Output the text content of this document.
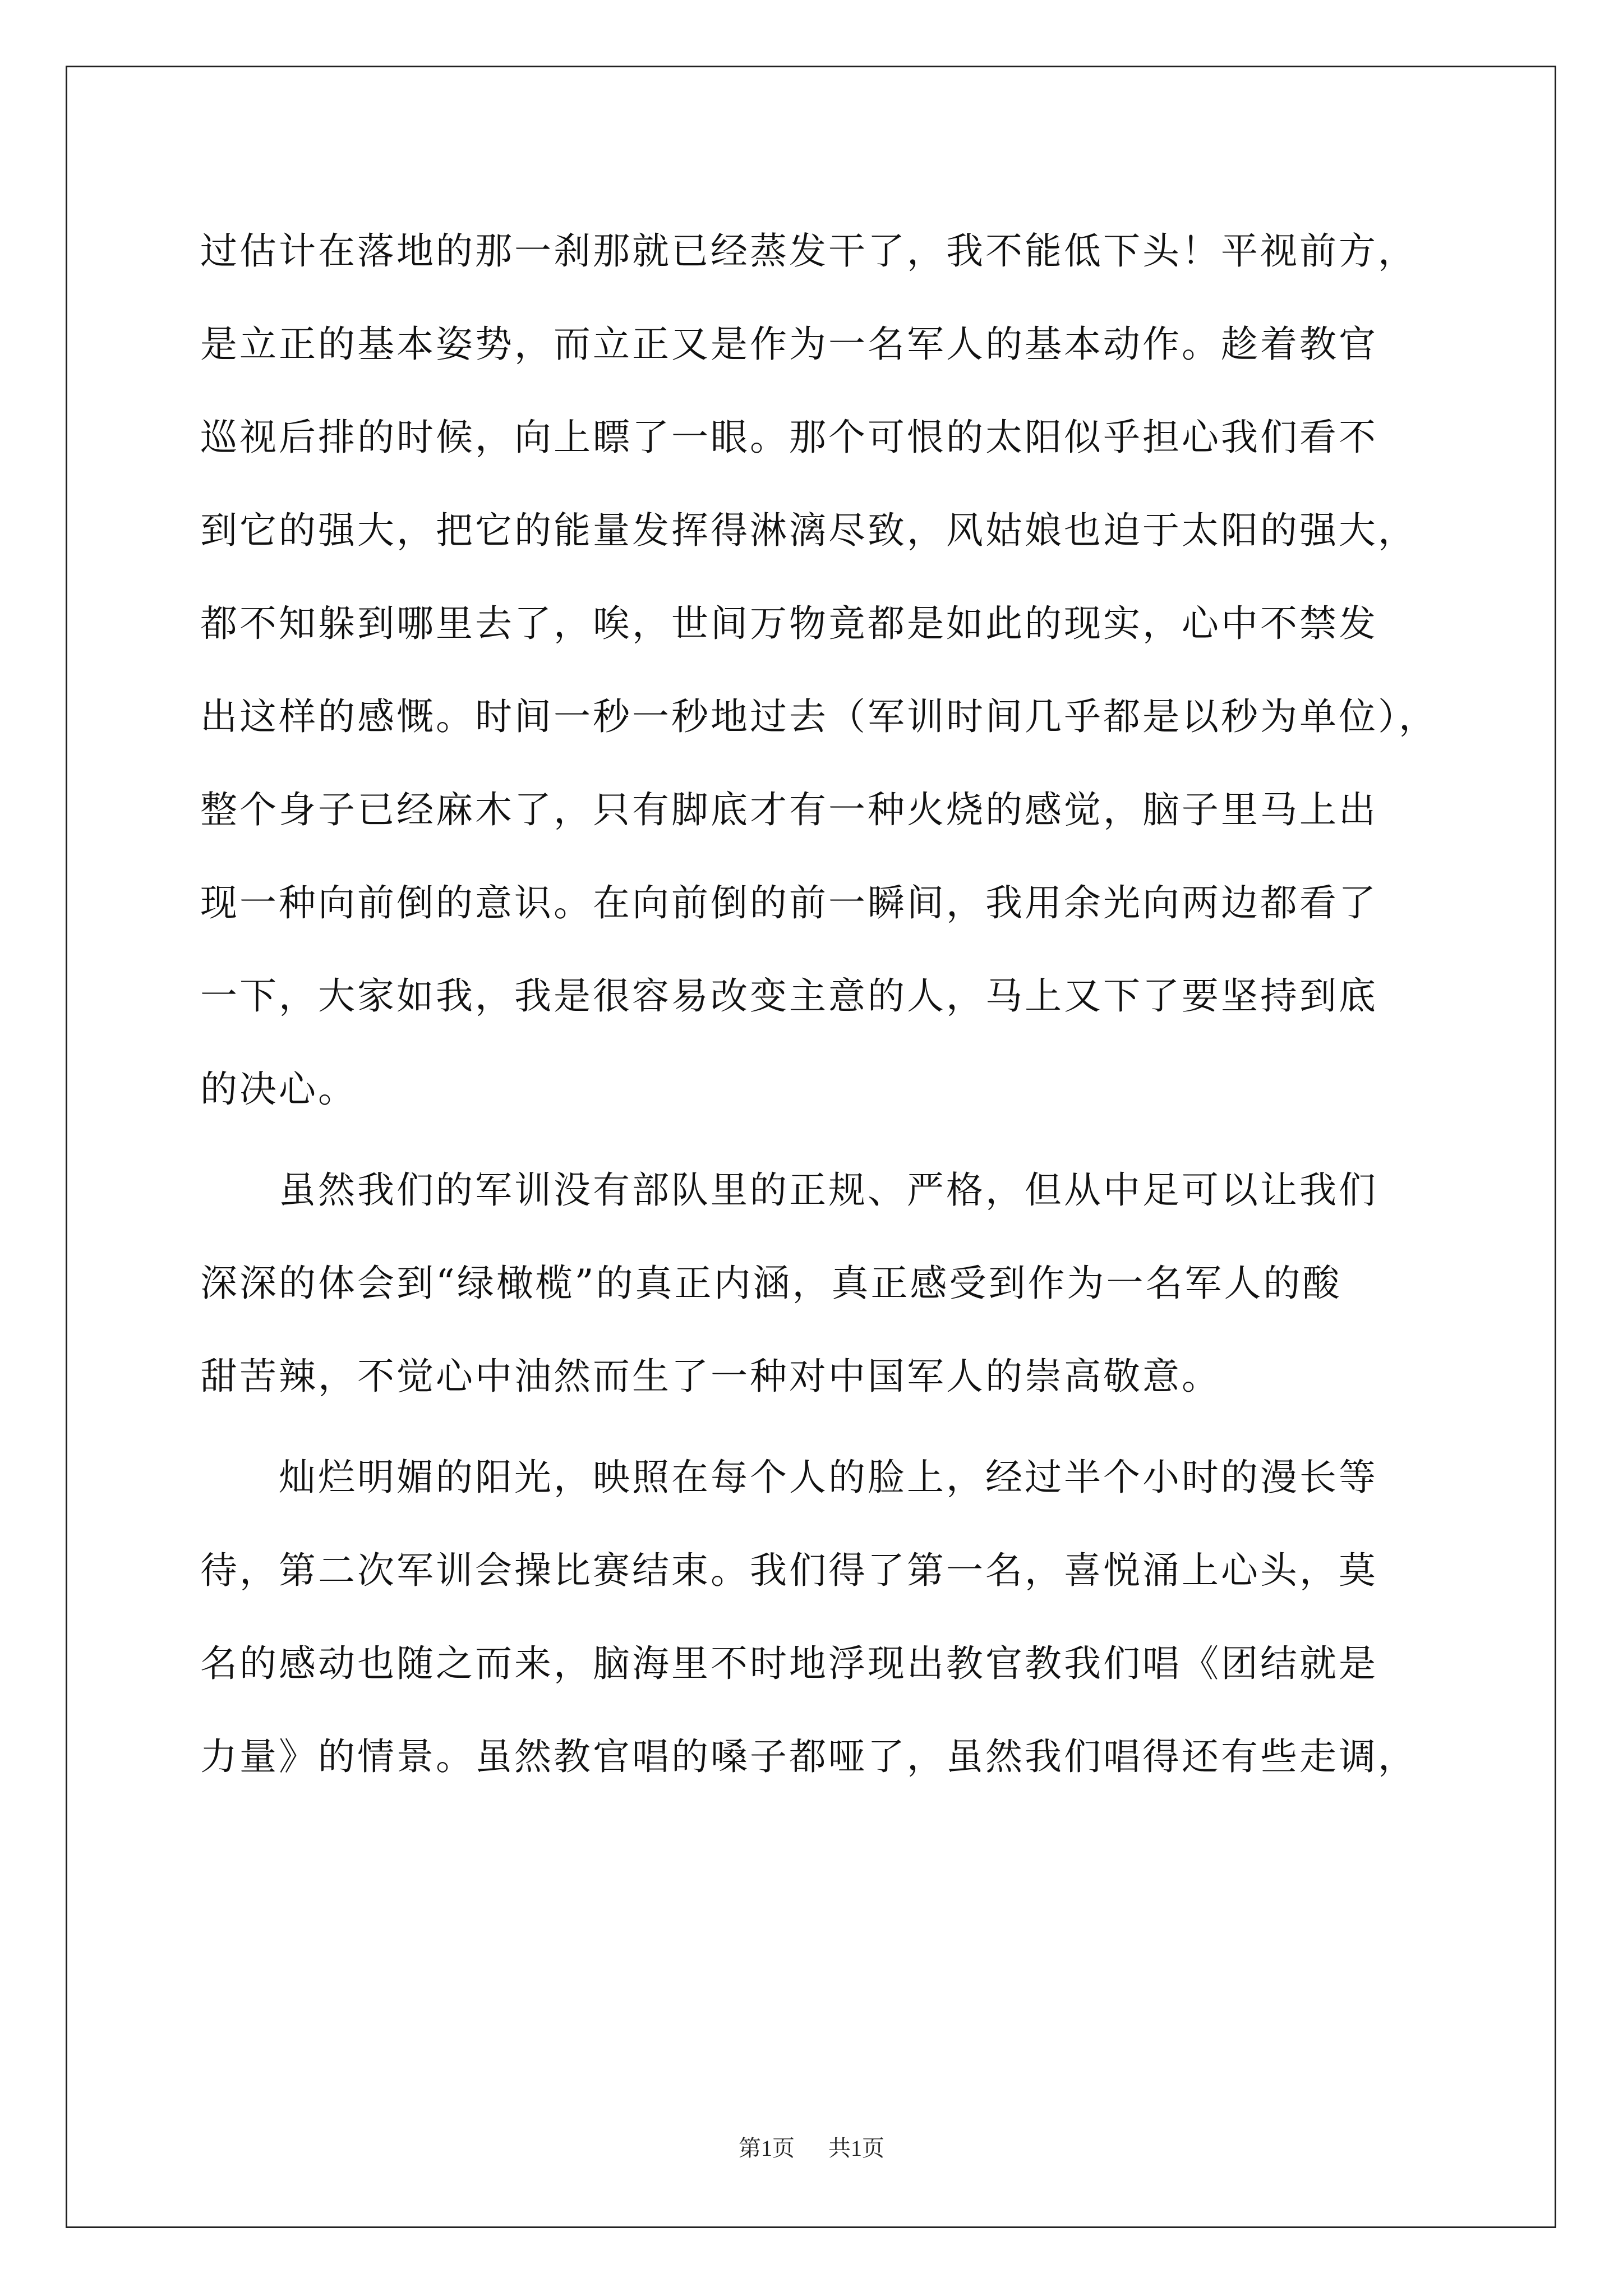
过估计在落地的那一刹那就已经蒸发干了，我不能低下头！平视前方，
是立正的基本姿势，而立正又是作为一名军人的基本动作。趁着教官
巡视后排的时候，向上瞟了一眼。那个可恨的太阳似乎担心我们看不
到它的强大，把它的能量发挥得淋漓尽致，风姑娘也迫于太阳的强大，
都不知躲到哪里去了，唉，世间万物竟都是如此的现实，心中不禁发
出这样的感慨。时间一秒一秒地过去（军训时间几乎都是以秒为单位），
整个身子已经麻木了，只有脚底才有一种火烧的感觉，脑子里马上出
现一种向前倒的意识。在向前倒的前一瞬间，我用余光向两边都看了
一下，大家如我，我是很容易改变主意的人，马上又下了要坚持到底
的决心。
　　虽然我们的军训没有部队里的正规、严格，但从中足可以让我们
深深的体会到“绿橄榄”的真正内涵，真正感受到作为一名军人的酸
甜苦辣，不觉心中油然而生了一种对中国军人的崇高敬意。
　　灿烂明媚的阳光，映照在每个人的脸上，经过半个小时的漫长等
待，第二次军训会操比赛结束。我们得了第一名，喜悦涌上心头，莫
名的感动也随之而来，脑海里不时地浮现出教官教我们唱《团结就是
力量》的情景。虽然教官唱的嗓子都哑了，虽然我们唱得还有些走调，
第1页 共1页
